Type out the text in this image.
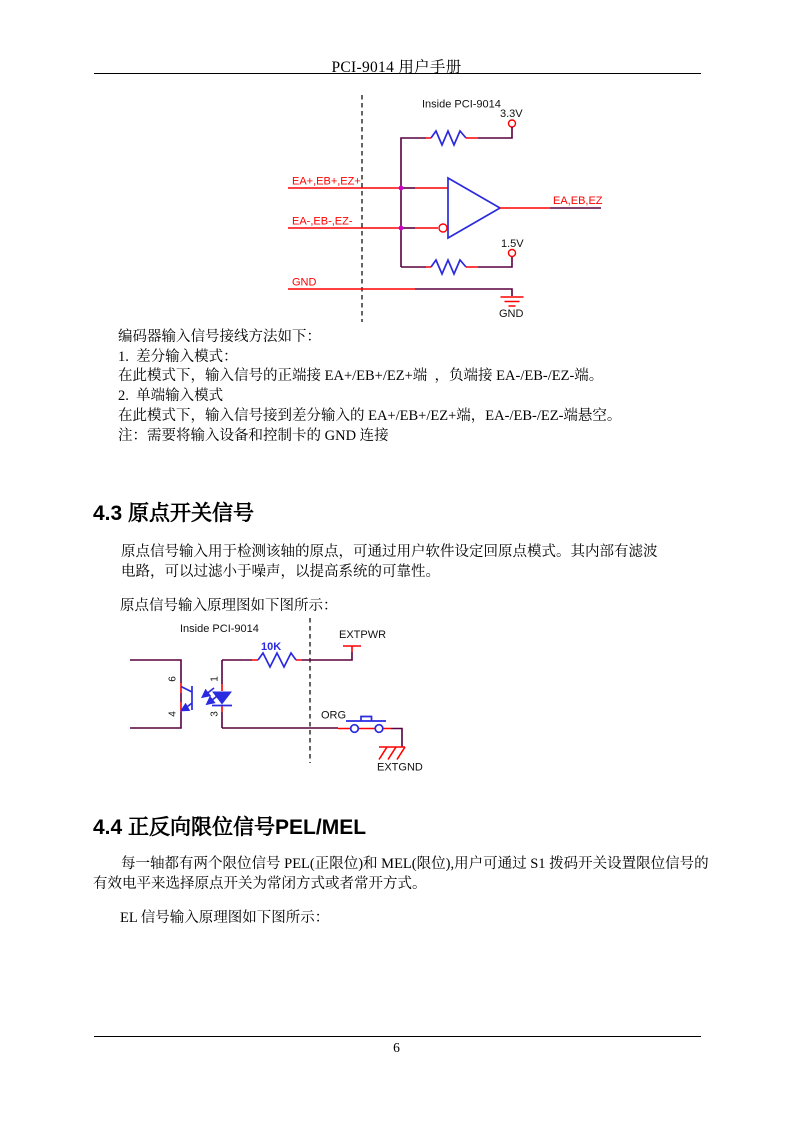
PCI-9014 用户手册
Inside PCI-9014
3.3V
1.5V
EA+,EB+,EZ+
EA-,EB-,EZ-
EA,EB,EZ
GND
GND
编码器输入信号接线方法如下：
1.  差分输入模式：
在此模式下，输入信号的正端接 EA+/EB+/EZ+端  ，负端接 EA-/EB-/EZ-端。
2.  单端输入模式
在此模式下，输入信号接到差分输入的 EA+/EB+/EZ+端，EA-/EB-/EZ-端悬空。
注：需要将输入设备和控制卡的 GND 连接
4.3 原点开关信号
原点信号输入用于检测该轴的原点，可通过用户软件设定回原点模式。其内部有滤波
电路，可以过滤小于噪声，以提高系统的可靠性。
原点信号输入原理图如下图所示：
Inside PCI-9014
6
4
1
3
10K
EXTPWR
ORG
EXTGND
4.4 正反向限位信号PEL/MEL
每一轴都有两个限位信号 PEL(正限位)和 MEL(限位),用户可通过 S1 拨码开关设置限位信号的
有效电平来选择原点开关为常闭方式或者常开方式。
EL 信号输入原理图如下图所示：
6
